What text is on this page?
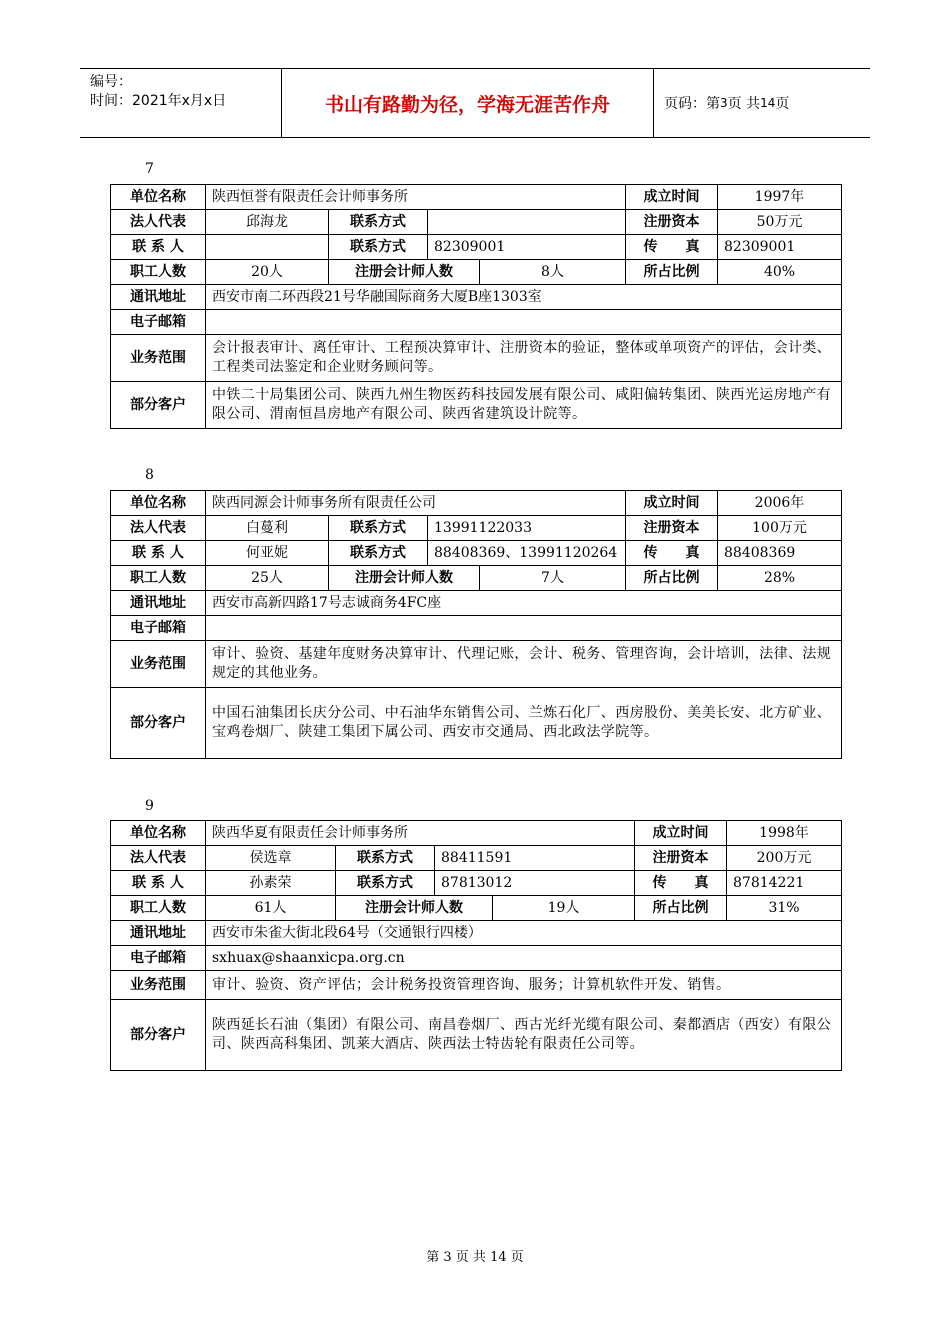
编号：
时间：2021年x月x日	书山有路勤为径，学海无涯苦作舟	页码：第 3 页 共 14 页
7
单位名称	陕西恒誉有限责任会计师事务所				成立时间	1997年
法人代表	邱海龙	联系方式			注册资本	50万元
联 系 人		联系方式	82309001		传　　真	82309001
职工人数	20人	注册会计师人数		8人	所占比例	40%
通讯地址	西安市南二环西段21号华融国际商务大厦B座1303室					
电子邮箱						
业务范围	会计报表审计、离任审计、工程预决算审计、注册资本的验证，整体或单项资产的评估，会计类、工程类司法鉴定和企业财务顾问等。					
部分客户	中铁二十局集团公司、陕西九州生物医药科技园发展有限公司、咸阳偏转集团、陕西光运房地产有限公司、渭南恒昌房地产有限公司、陕西省建筑设计院等。					
8
单位名称	陕西同源会计师事务所有限责任公司				成立时间	2006年
法人代表	白蔓利	联系方式	13991122033		注册资本	100万元
联 系 人	何亚妮	联系方式	88408369、13991120264		传　　真	88408369
职工人数	25人	注册会计师人数		7人	所占比例	28%
通讯地址	西安市高新四路17号志诚商务4FC座					
电子邮箱						
业务范围	审计、验资、基建年度财务决算审计、代理记账，会计、税务、管理咨询，会计培训，法律、法规规定的其他业务。					
部分客户	中国石油集团长庆分公司、中石油华东销售公司、兰炼石化厂、西房股份、美美长安、北方矿业、宝鸡卷烟厂、陕建工集团下属公司、西安市交通局、西北政法学院等。					
9
单位名称	陕西华夏有限责任会计师事务所				成立时间	1998年
法人代表	侯选章	联系方式	88411591		注册资本	200万元
联 系 人	孙素荣	联系方式	87813012		传　　真	87814221
职工人数	61人	注册会计师人数		19人	所占比例	31%
通讯地址	西安市朱雀大街北段64号（交通银行四楼）					
电子邮箱	sxhuax@shaanxicpa.org.cn					
业务范围	审计、验资、资产评估；会计税务投资管理咨询、服务；计算机软件开发、销售。					
部分客户	陕西延长石油（集团）有限公司、南昌卷烟厂、西古光纤光缆有限公司、秦都酒店（西安）有限公司、陕西高科集团、凯莱大酒店、陕西法士特齿轮有限责任公司等。					
第 3 页 共 14 页
